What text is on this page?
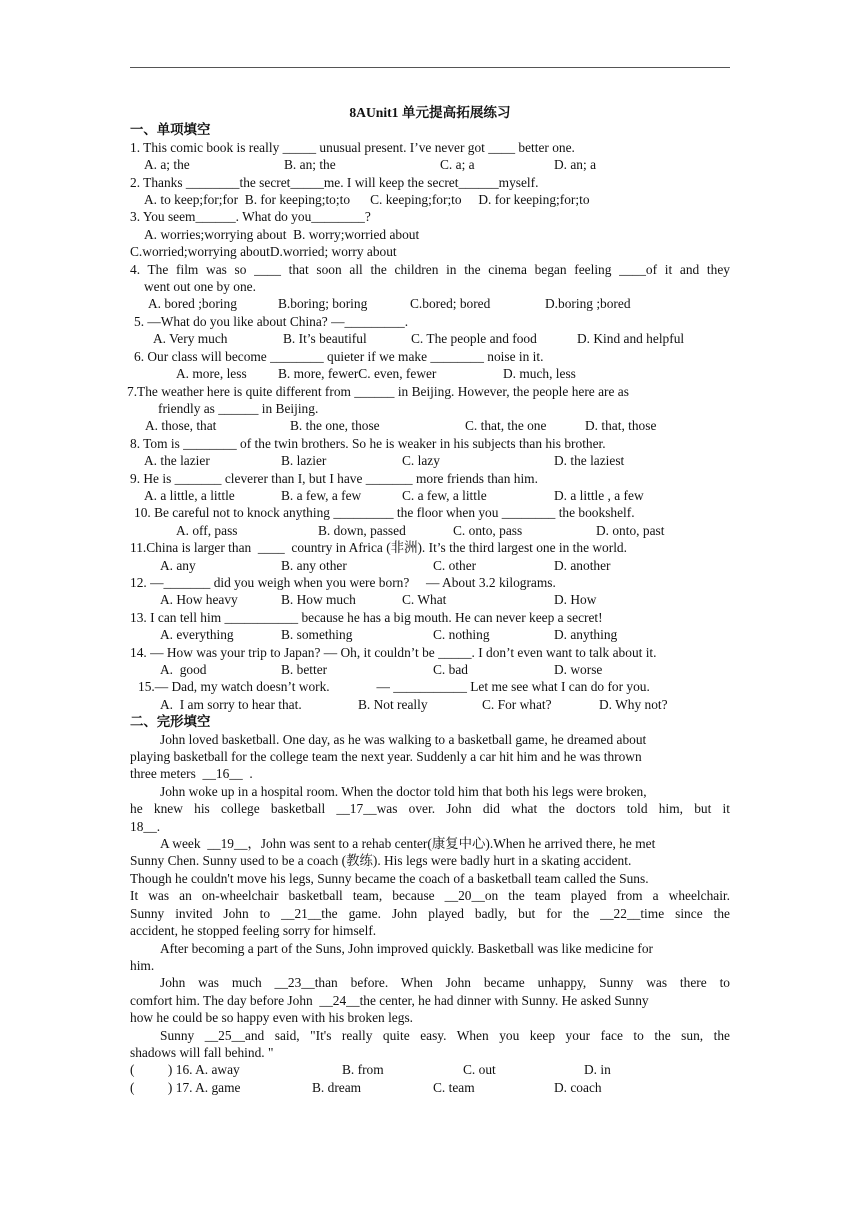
8AUnit1 单元提高拓展练习
一、单项填空
1. This comic book is really _____ unusual present. I’ve never got ____ better one.
A. a; the	B. an; the	C. a; a	D. an; a
2. Thanks ________the secret_____me. I will keep the secret______myself.
A. to keep;for;for  B. for keeping;to;to      C. keeping;for;to     D. for keeping;for;to
3. You seem______. What do you________?
A. worries;worrying about  B. worry;worried about
C.worried;worrying aboutD.worried; worry about
4. The film was so ____ that soon all the children in the cinema began feeling ____of it and they
went out one by one.
A. bored ;boring	B.boring; boring	C.bored; bored	D.boring ;bored
5. —What do you like about China? —_________.
A. Very much	B. It’s beautiful	C. The people and food	D. Kind and helpful
6. Our class will become ________ quieter if we make ________ noise in it.
A. more, less	B. more, fewerC. even, fewer	D. much, less
7.The weather here is quite different from ______ in Beijing. However, the people here are as
friendly as ______ in Beijing.
A. those, that	B. the one, those	C. that, the one	D. that, those
8. Tom is ________ of the twin brothers. So he is weaker in his subjects than his brother.
A. the lazier	B. lazier	C. lazy	D. the laziest
9. He is _______ cleverer than I, but I have _______ more friends than him.
A. a little, a little	B. a few, a few	C. a few, a little	D. a little , a few
10. Be careful not to knock anything _________ the floor when you ________ the bookshelf.
A. off, pass	B. down, passed	C. onto, pass	D. onto, past
11.China is larger than  ____  country in Africa (非洲). It’s the third largest one in the world.
A. any	B. any other	C. other	D. another
12. —_______ did you weigh when you were born?     — About 3.2 kilograms.
A. How heavy	B. How much	C. What	D. How
13. I can tell him ___________ because he has a big mouth. He can never keep a secret!
A. everything	B. something	C. nothing	D. anything
14. — How was your trip to Japan? — Oh, it couldn’t be _____. I don’t even want to talk about it.
A.  good	B. better	C. bad	D. worse
15.— Dad, my watch doesn’t work.              — ___________ Let me see what I can do for you.
A.  I am sorry to hear that.	B. Not really	C. For what?	D. Why not?
二、完形填空
John loved basketball. One day, as he was walking to a basketball game, he dreamed about
playing basketball for the college team the next year. Suddenly a car hit him and he was thrown
three meters  __16__  .
John woke up in a hospital room. When the doctor told him that both his legs were broken,
he knew his college basketball __17__was over. John did what the doctors told him, but it
18__.
A week  __19__，John was sent to a rehab center(康复中心).When he arrived there, he met
Sunny Chen. Sunny used to be a coach (教练). His legs were badly hurt in a skating accident.
Though he couldn't move his legs, Sunny became the coach of a basketball team called the Suns.
It was an on-wheelchair basketball team, because __20__on the team played from a wheelchair.
Sunny invited John to __21__the game. John played badly, but for the __22__time since the
accident, he stopped feeling sorry for himself.
After becoming a part of the Suns, John improved quickly. Basketball was like medicine for
him.
John was much __23__than before. When John became unhappy, Sunny was there to
comfort him. The day before John  __24__the center, he had dinner with Sunny. He asked Sunny
how he could be so happy even with his broken legs.
Sunny __25__and said, "It's really quite easy. When you keep your face to the sun, the
shadows will fall behind. "
(          ) 16. A. away	B. from	C. out	D. in
(          ) 17. A. game	B. dream	C. team	D. coach
